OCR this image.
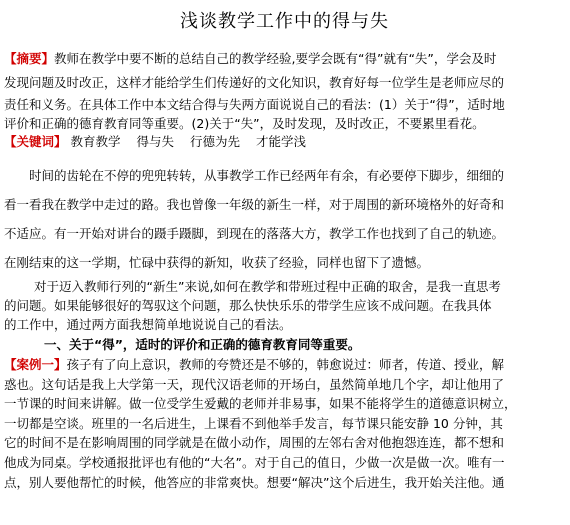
浅谈教学工作中的得与失
【摘要】教师在教学中要不断的总结自己的教学经验,要学会既有“得”就有“失”，学会及时
发现问题及时改正，这样才能给学生们传递好的文化知识，教育好每一位学生是老师应尽的
责任和义务。在具体工作中本文结合得与失两方面说说自己的看法：(1）关于“得”，适时地
评价和正确的德育教育同等重要。(2)关于“失”，及时发现，及时改正，不要累里看花。
【关键词】 教育教学 得与失 行德为先 才能学浅
时间的齿轮在不停的兜兜转转，从事教学工作已经两年有余，有必要停下脚步，细细的
看一看我在教学中走过的路。我也曾像一年级的新生一样，对于周围的新环境格外的好奇和
不适应。有一开始对讲台的蹑手蹑脚，到现在的落落大方，教学工作也找到了自己的轨迹。
在刚结束的这一学期，忙碌中获得的新知，收获了经验，同样也留下了遗憾。
对于迈入教师行列的“新生”来说,如何在教学和带班过程中正确的取舍，是我一直思考
的问题。如果能够很好的驾驭这个问题，那么快快乐乐的带学生应该不成问题。在我具体
的工作中，通过两方面我想简单地说说自己的看法。
一、关于“得”，适时的评价和正确的德育教育同等重要。
【案例一】孩子有了向上意识，教师的夸赞还是不够的，韩愈说过：师者，传道、授业，解
惑也。这句话是我上大学第一天，现代汉语老师的开场白，虽然简单地几个字，却让他用了
一节课的时间来讲解。做一位受学生爱戴的老师并非易事，如果不能将学生的道德意识树立，
一切都是空谈。班里的一名后进生，上课看不到他举手发言，每节课只能安静 10 分钟，其
它的时间不是在影响周围的同学就是在做小动作，周围的左邻右舍对他抱怨连连，都不想和
他成为同桌。学校通报批评也有他的“大名”。对于自己的值日，少做一次是做一次。唯有一
点，别人要他帮忙的时候，他答应的非常爽快。想要“解决”这个后进生，我开始关注他。通
